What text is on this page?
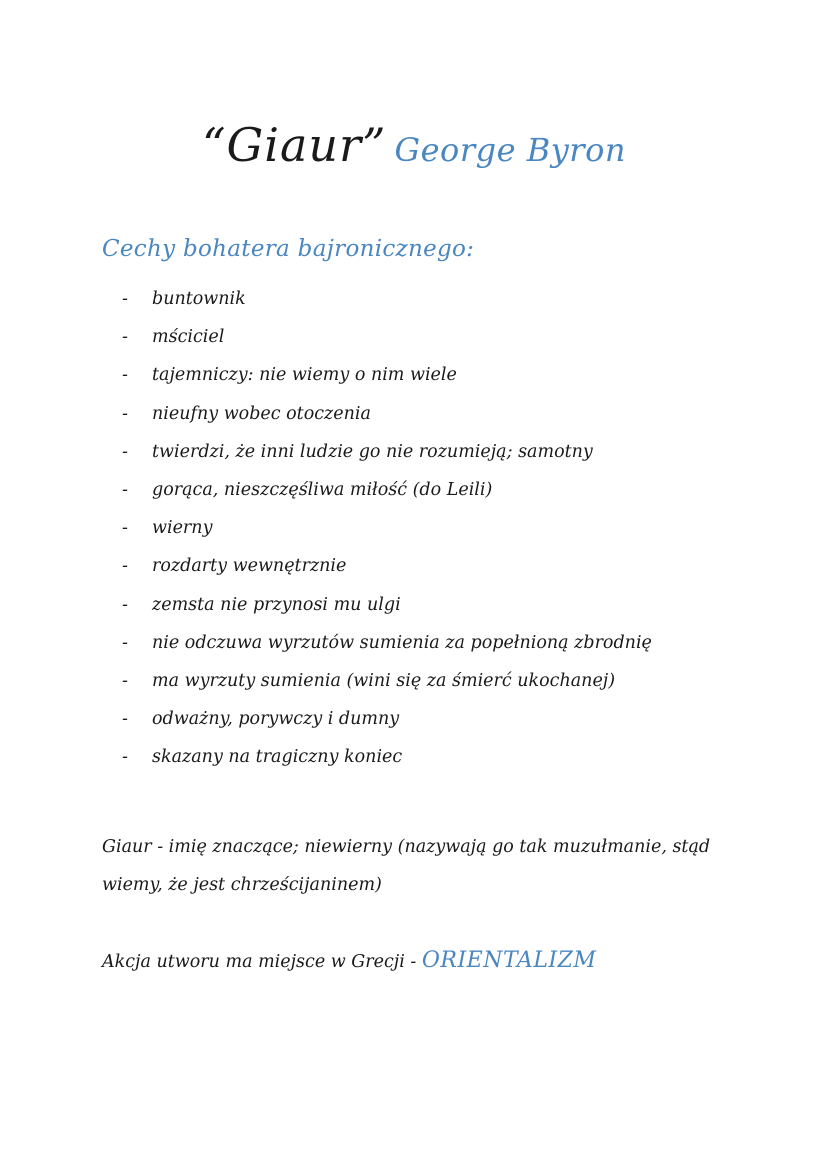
“Giaur” George Byron
Cechy bohatera bajronicznego:
-	buntownik
-	mściciel
-	tajemniczy: nie wiemy o nim wiele
-	nieufny wobec otoczenia
-	twierdzi, że inni ludzie go nie rozumieją; samotny
-	gorąca, nieszczęśliwa miłość (do Leili)
-	wierny
-	rozdarty wewnętrznie
-	zemsta nie przynosi mu ulgi
-	nie odczuwa wyrzutów sumienia za popełnioną zbrodnię
-	ma wyrzuty sumienia (wini się za śmierć ukochanej)
-	odważny, porywczy i dumny
-	skazany na tragiczny koniec

Giaur - imię znaczące; niewierny (nazywają go tak muzułmanie, stąd wiemy, że jest chrześcijaninem)

Akcja utworu ma miejsce w Grecji - ORIENTALIZM
